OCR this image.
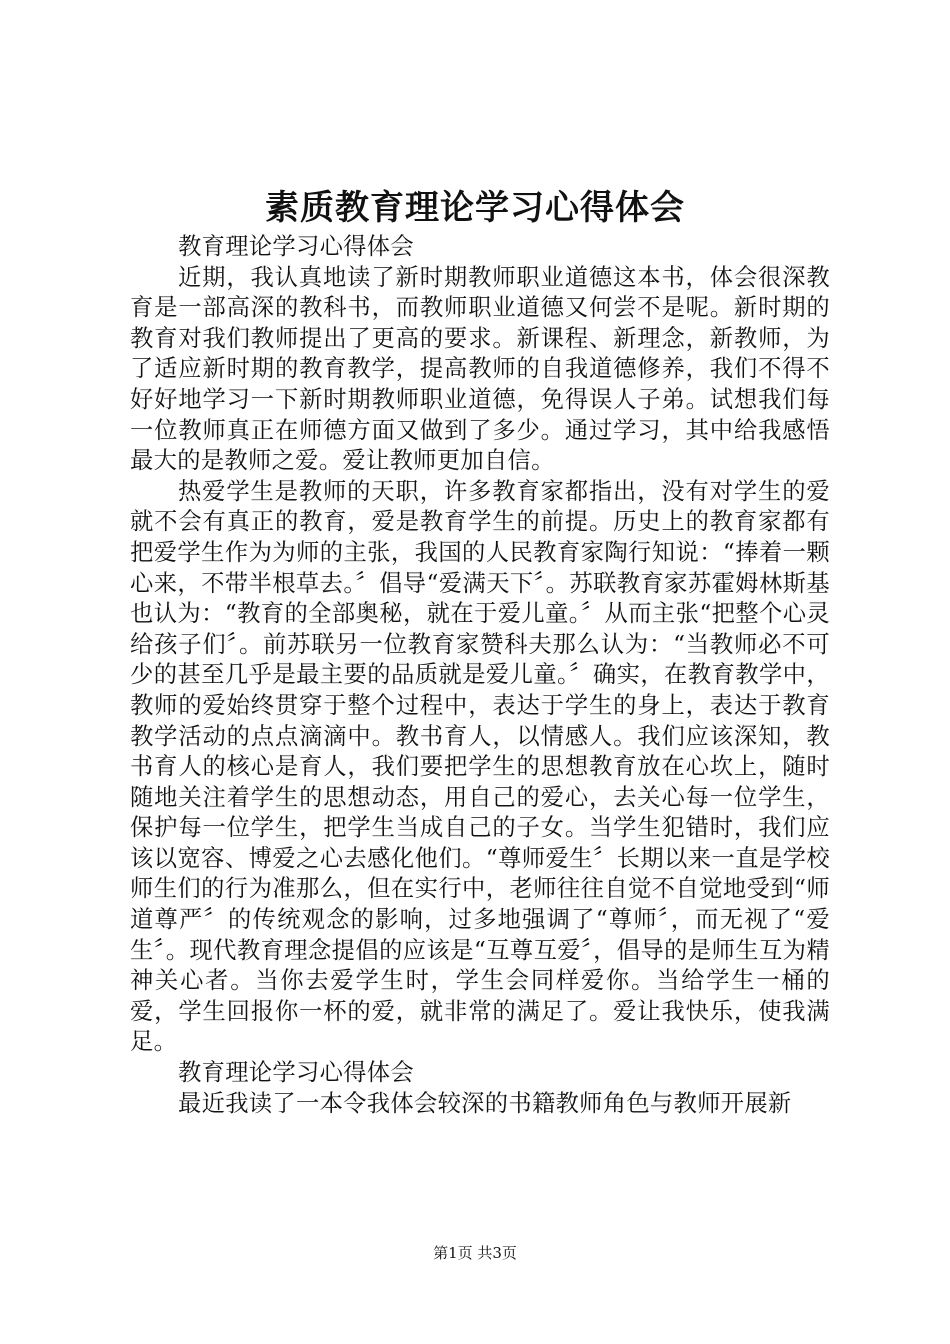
素质教育理论学习心得体会

教育理论学习心得体会

近期，我认真地读了新时期教师职业道德这本书，体会很深教育是一部高深的教科书，而教师职业道德又何尝不是呢。新时期的教育对我们教师提出了更高的要求。新课程、新理念，新教师，为了适应新时期的教育教学，提高教师的自我道德修养，我们不得不好好地学习一下新时期教师职业道德，免得误人子弟。试想我们每一位教师真正在师德方面又做到了多少。通过学习，其中给我感悟最大的是教师之爱。爱让教师更加自信。

热爱学生是教师的天职，许多教育家都指出，没有对学生的爱就不会有真正的教育，爱是教育学生的前提。历史上的教育家都有把爱学生作为为师的主张，我国的人民教育家陶行知说：“捧着一颗心来，不带半根草去。〞倡导“爱满天下〞。苏联教育家苏霍姆林斯基也认为：“教育的全部奥秘，就在于爱儿童。〞从而主张“把整个心灵给孩子们〞。前苏联另一位教育家赞科夫那么认为：“当教师必不可少的甚至几乎是最主要的品质就是爱儿童。〞确实，在教育教学中，教师的爱始终贯穿于整个过程中，表达于学生的身上，表达于教育教学活动的点点滴滴中。教书育人，以情感人。我们应该深知，教书育人的核心是育人，我们要把学生的思想教育放在心坎上，随时随地关注着学生的思想动态，用自己的爱心，去关心每一位学生，保护每一位学生，把学生当成自己的子女。当学生犯错时，我们应该以宽容、博爱之心去感化他们。“尊师爱生〞长期以来一直是学校师生们的行为准那么，但在实行中，老师往往自觉不自觉地受到“师道尊严〞的传统观念的影响，过多地强调了“尊师〞，而无视了“爱生〞。现代教育理念提倡的应该是“互尊互爱〞，倡导的是师生互为精神关心者。当你去爱学生时，学生会同样爱你。当给学生一桶的爱，学生回报你一杯的爱，就非常的满足了。爱让我快乐，使我满足。

教育理论学习心得体会

最近我读了一本令我体会较深的书籍教师角色与教师开展新

第1页 共3页
